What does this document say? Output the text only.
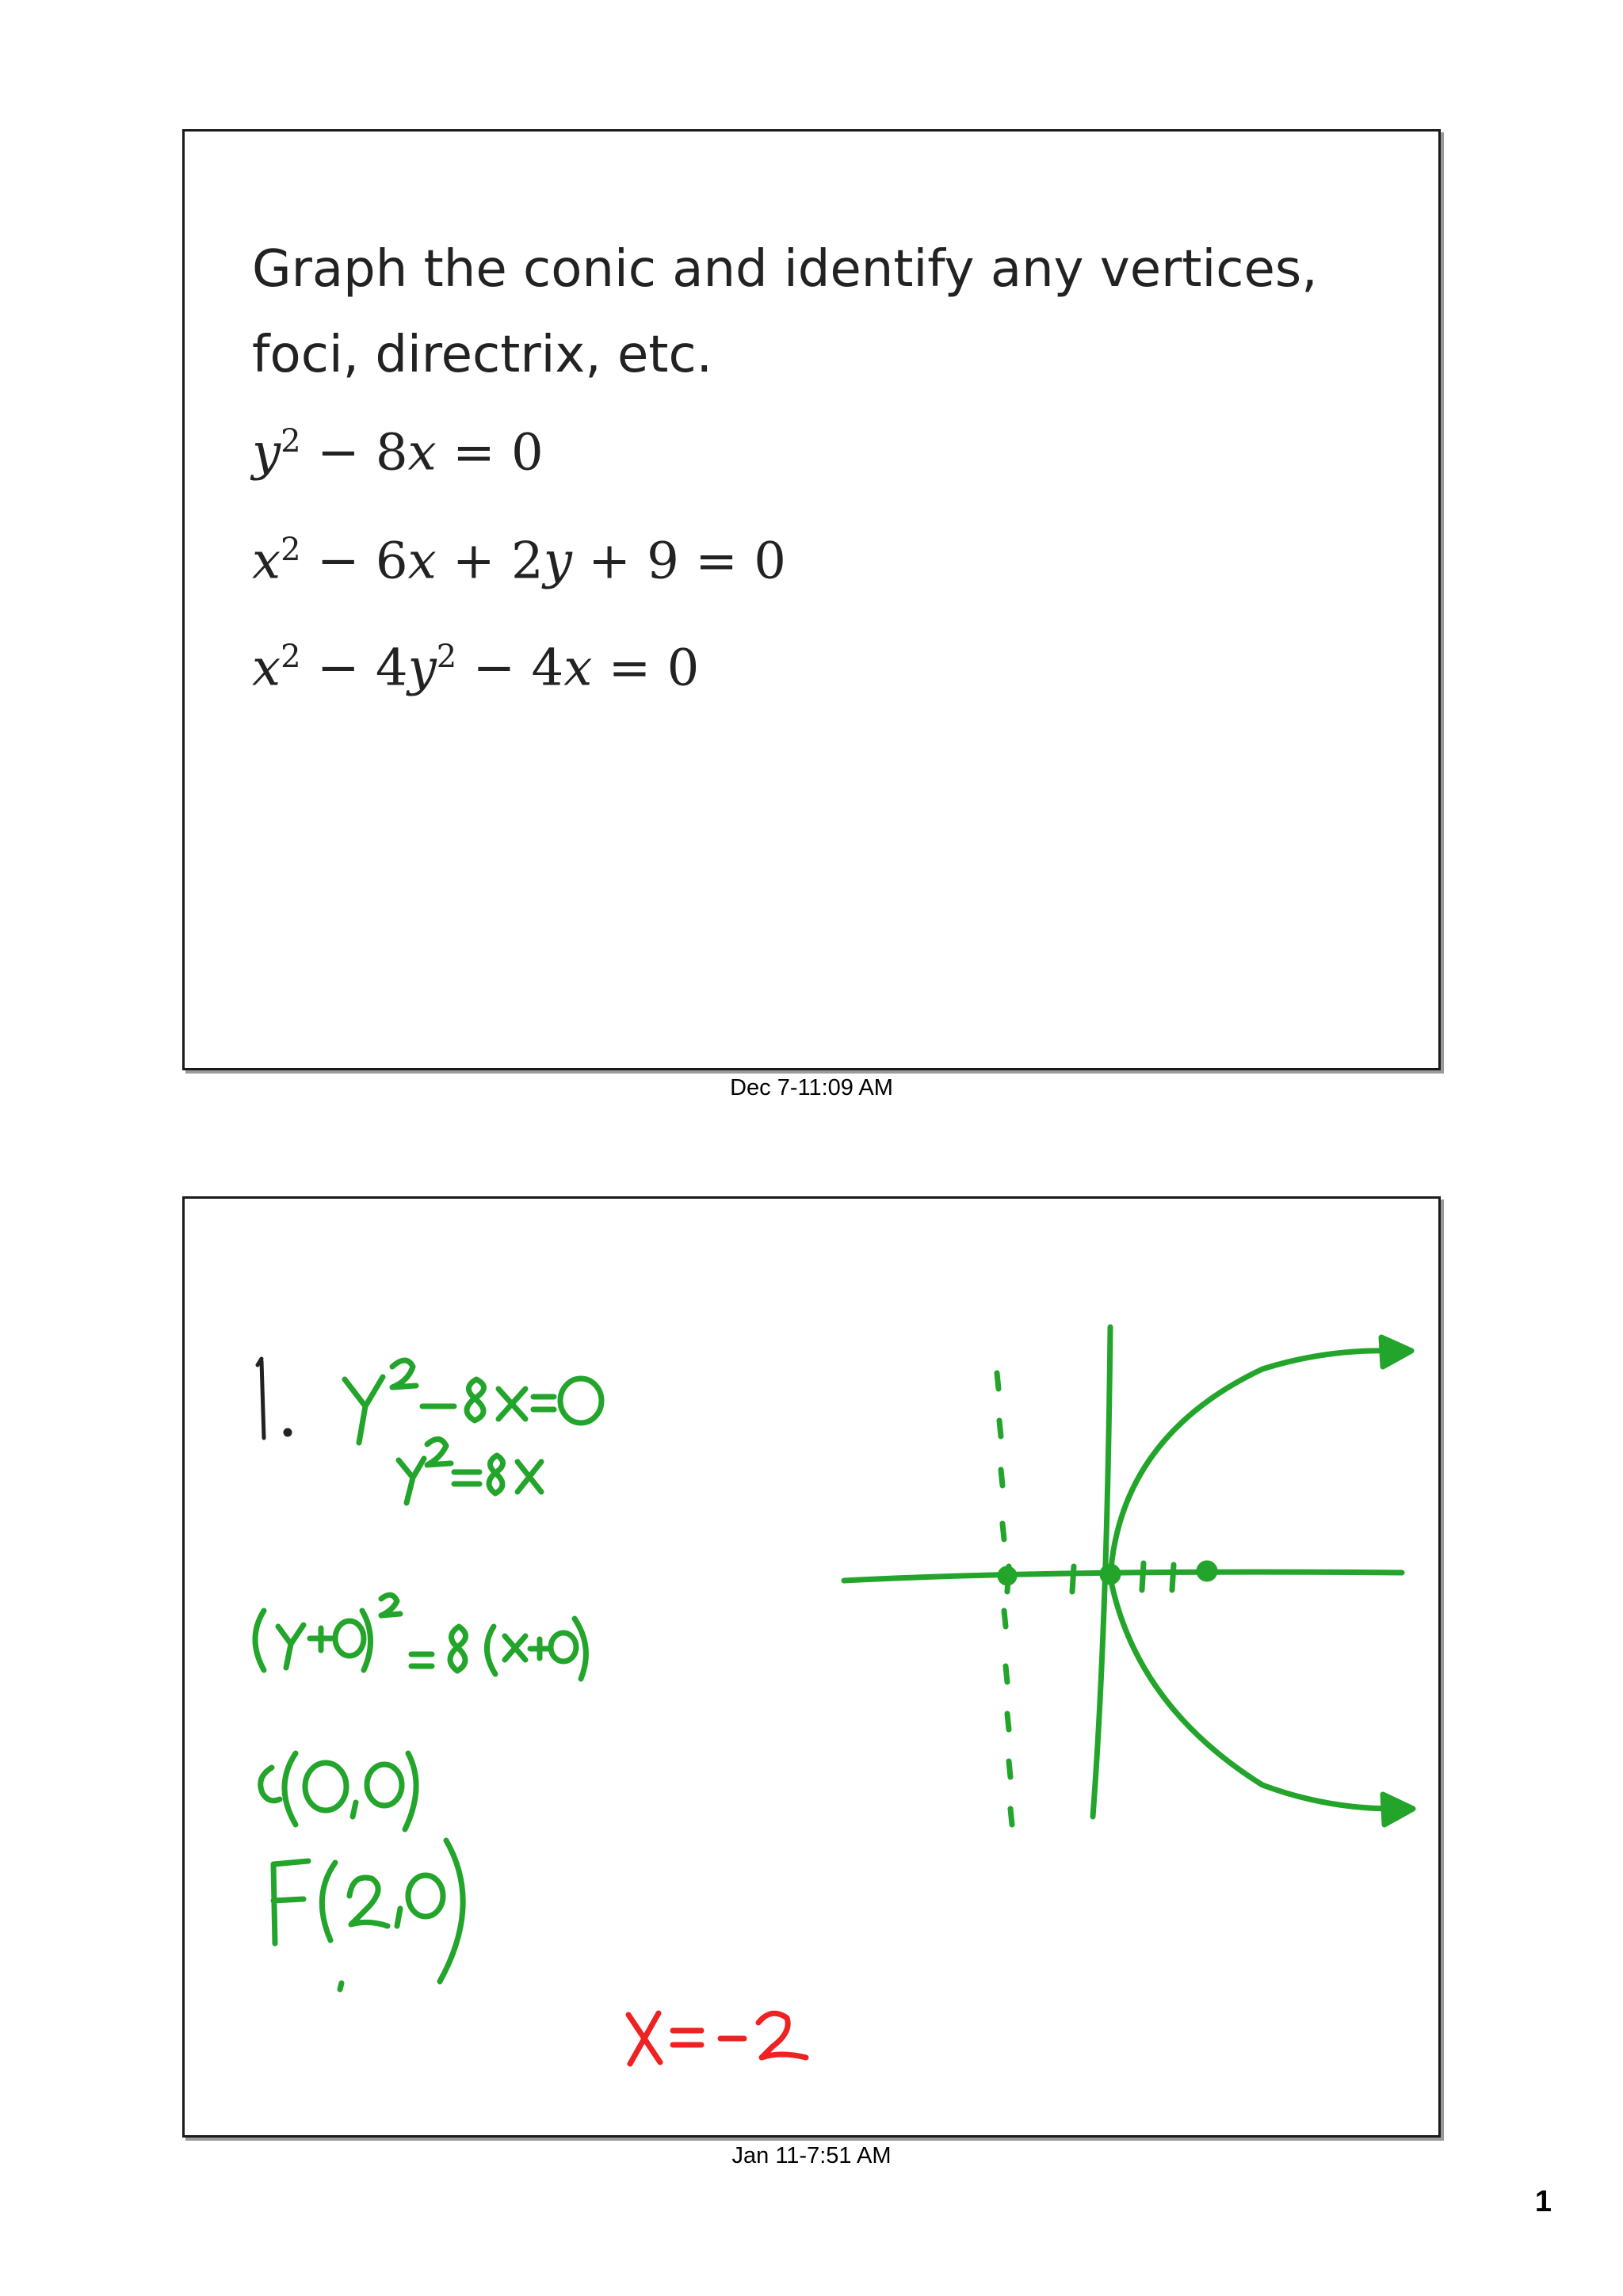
Graph the conic and identify any vertices, foci, directrix, etc.
$y^2 - 8x = 0$
$x^2 - 6x + 2y + 9 = 0$
$x^2 - 4y^2 - 4x = 0$
Dec 7-11:09 AM
Jan 11-7:51 AM
1
